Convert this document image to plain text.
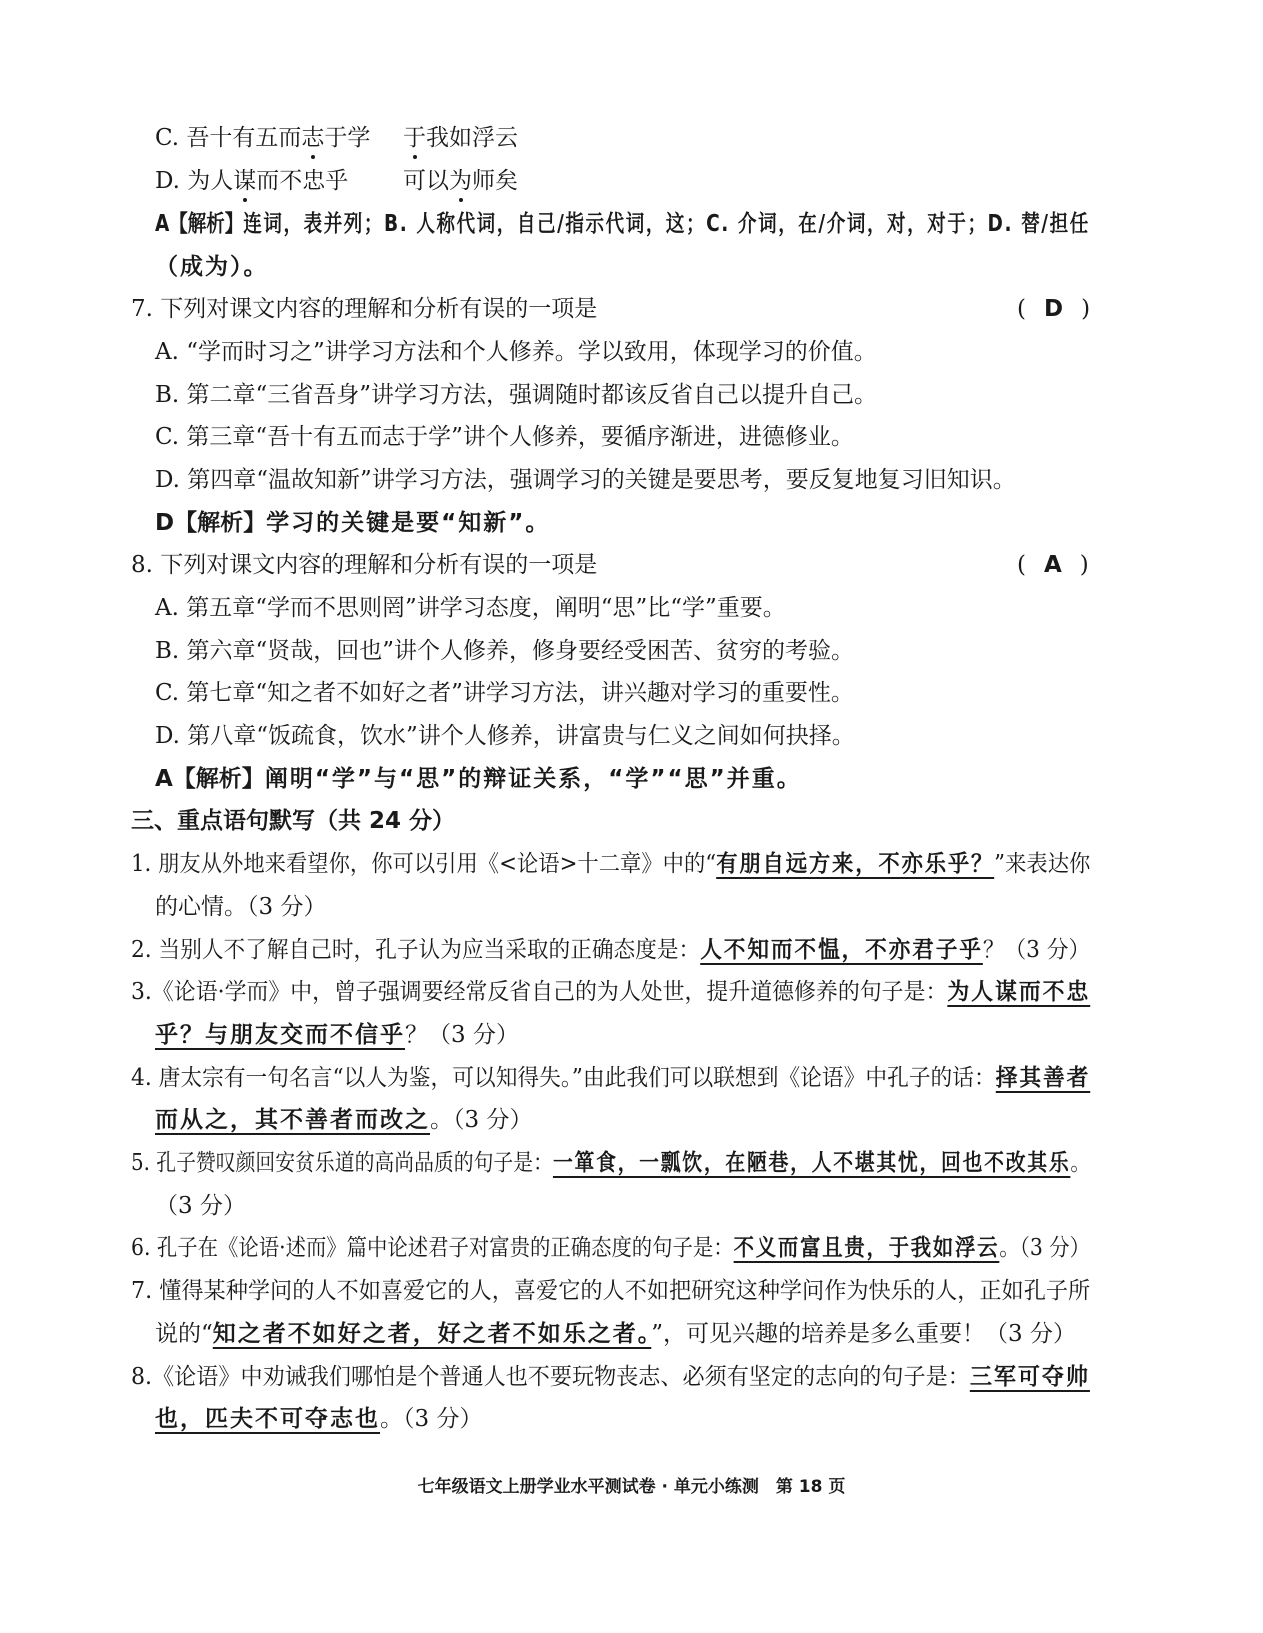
C. 吾十有五而志于学 于我如浮云
D. 为人谋而不忠乎 可以为师矣
A【解析】连词，表并列；B. 人称代词，自己/指示代词，这；C. 介词，在/介词，对，对于；D. 替/担任
（成为）。
7. 下列对课文内容的理解和分析有误的一项是	( D )
A. “学而时习之”讲学习方法和个人修养。学以致用，体现学习的价值。
B. 第二章“三省吾身”讲学习方法，强调随时都该反省自己以提升自己。
C. 第三章“吾十有五而志于学”讲个人修养，要循序渐进，进德修业。
D. 第四章“温故知新”讲学习方法，强调学习的关键是要思考，要反复地复习旧知识。
D【解析】学习的关键是要“知新”。
8. 下列对课文内容的理解和分析有误的一项是	( A )
A. 第五章“学而不思则罔”讲学习态度，阐明“思”比“学”重要。
B. 第六章“贤哉，回也”讲个人修养，修身要经受困苦、贫穷的考验。
C. 第七章“知之者不如好之者”讲学习方法，讲兴趣对学习的重要性。
D. 第八章“饭疏食，饮水”讲个人修养，讲富贵与仁义之间如何抉择。
A【解析】阐明“学”与“思”的辩证关系，“学”“思”并重。
三、重点语句默写（共 24 分）
1. 朋友从外地来看望你，你可以引用《<论语>十二章》中的“有朋自远方来，不亦乐乎？”来表达你
的心情。（3 分）
2. 当别人不了解自己时，孔子认为应当采取的正确态度是：人不知而不愠，不亦君子乎？（3 分）
3.《论语·学而》中，曾子强调要经常反省自己的为人处世，提升道德修养的句子是：为人谋而不忠
乎？与朋友交而不信乎？（3 分）
4. 唐太宗有一句名言“以人为鉴，可以知得失。”由此我们可以联想到《论语》中孔子的话：择其善者
而从之，其不善者而改之。（3 分）
5. 孔子赞叹颜回安贫乐道的高尚品质的句子是：一箪食，一瓢饮，在陋巷，人不堪其忧，回也不改其乐。
（3 分）
6. 孔子在《论语·述而》篇中论述君子对富贵的正确态度的句子是：不义而富且贵，于我如浮云。（3 分）
7. 懂得某种学问的人不如喜爱它的人，喜爱它的人不如把研究这种学问作为快乐的人，正如孔子所
说的“知之者不如好之者，好之者不如乐之者。”，可见兴趣的培养是多么重要！（3 分）
8.《论语》中劝诫我们哪怕是个普通人也不要玩物丧志、必须有坚定的志向的句子是：三军可夺帅
也，匹夫不可夺志也。（3 分）
七年级语文上册学业水平测试卷 · 单元小练测　第 18 页
